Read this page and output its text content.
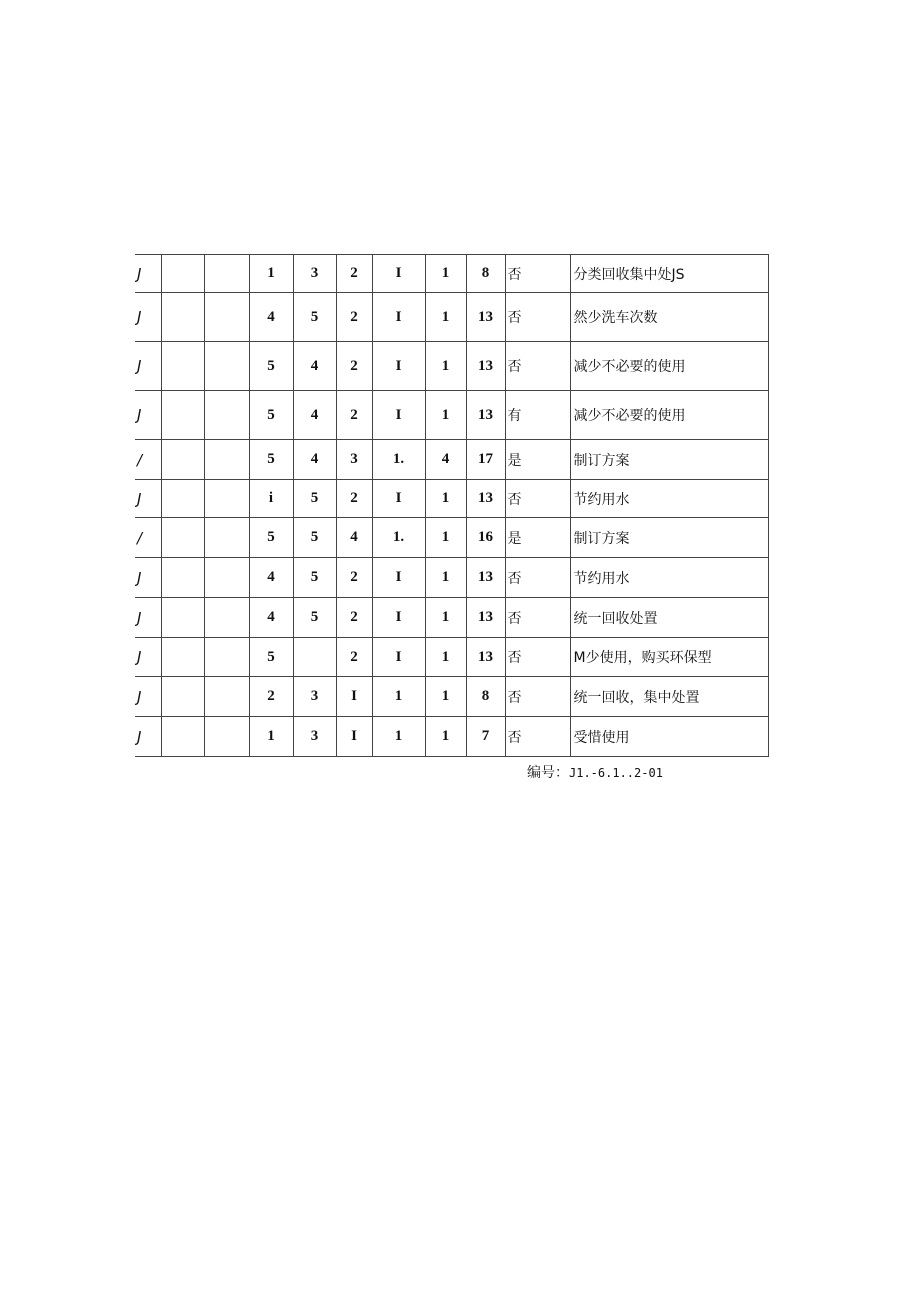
J			1	3	2	I	1	8	否	分类回收集中处JS
J			4	5	2	I	1	13	否	然少洗车次数
J			5	4	2	I	1	13	否	减少不必要的使用
J			5	4	2	I	1	13	有	减少不必要的使用
/			5	4	3	1.	4	17	是	制订方案
J			i	5	2	I	1	13	否	节约用水
/			5	5	4	1.	1	16	是	制订方案
J			4	5	2	I	1	13	否	节约用水
J			4	5	2	I	1	13	否	统一回收处置
J			5		2	I	1	13	否	M少使用，购买环保型
J			2	3	I	1	1	8	否	统一回收，集中处置
J			1	3	I	1	1	7	否	受惜使用
编号：J1.-6.1..2-01
